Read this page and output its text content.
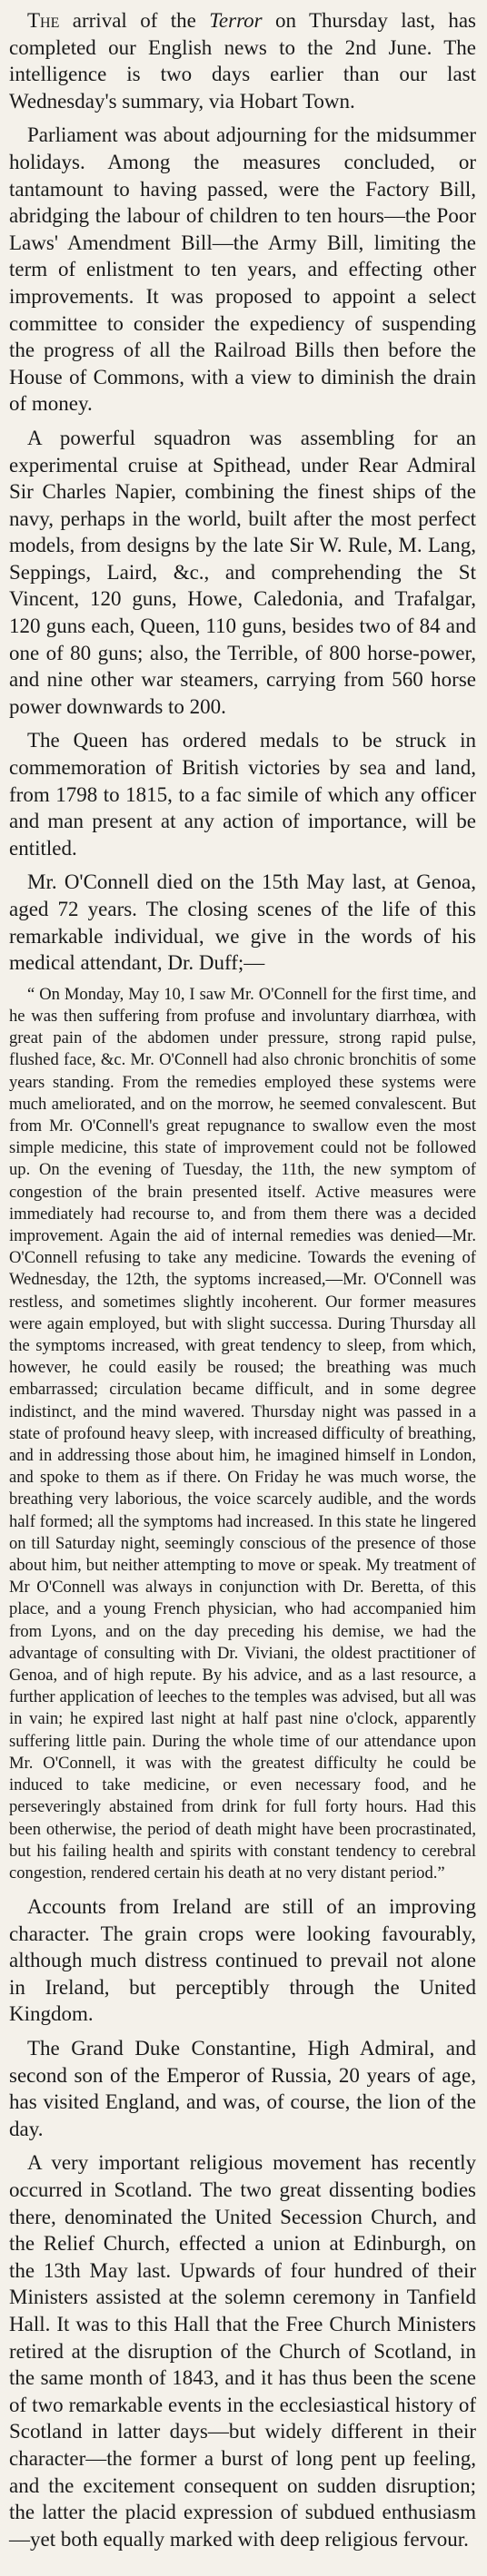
The arrival of the Terror on Thursday last, has completed our English news to the 2nd June. The intelligence is two days earlier than our last Wednesday's summary, via Hobart Town.

Parliament was about adjourning for the midsummer holidays. Among the measures concluded, or tantamount to having passed, were the Factory Bill, abridging the labour of children to ten hours—the Poor Laws' Amendment Bill—the Army Bill, limiting the term of enlistment to ten years, and effecting other improvements. It was proposed to appoint a select committee to consider the expediency of suspending the progress of all the Railroad Bills then before the House of Commons, with a view to diminish the drain of money.

A powerful squadron was assembling for an experimental cruise at Spithead, under Rear Admiral Sir Charles Napier, combining the finest ships of the navy, perhaps in the world, built after the most perfect models, from designs by the late Sir W. Rule, M. Lang, Seppings, Laird, &c., and comprehending the St Vincent, 120 guns, Howe, Caledonia, and Trafalgar, 120 guns each, Queen, 110 guns, besides two of 84 and one of 80 guns; also, the Terrible, of 800 horse-power, and nine other war steamers, carrying from 560 horse power downwards to 200.

The Queen has ordered medals to be struck in commemoration of British victories by sea and land, from 1798 to 1815, to a fac simile of which any officer and man present at any action of importance, will be entitled.

Mr. O'Connell died on the 15th May last, at Genoa, aged 72 years. The closing scenes of the life of this remarkable individual, we give in the words of his medical attendant, Dr. Duff;—

“ On Monday, May 10, I saw Mr. O'Connell for the first time, and he was then suffering from profuse and involuntary diarrhœa, with great pain of the abdomen under pressure, strong rapid pulse, flushed face, &c. Mr. O'Connell had also chronic bronchitis of some years standing. From the remedies employed these systems were much ameliorated, and on the morrow, he seemed convalescent. But from Mr. O'Connell's great repugnance to swallow even the most simple medicine, this state of improvement could not be followed up. On the evening of Tuesday, the 11th, the new symptom of congestion of the brain presented itself. Active measures were immediately had recourse to, and from them there was a decided improvement. Again the aid of internal remedies was denied—Mr. O'Connell refusing to take any medicine. Towards the evening of Wednesday, the 12th, the syptoms increased,—Mr. O'Connell was restless, and sometimes slightly incoherent. Our former measures were again employed, but with slight successa. During Thursday all the symptoms increased, with great tendency to sleep, from which, however, he could easily be roused; the breathing was much embarrassed; circulation became difficult, and in some degree indistinct, and the mind wavered. Thursday night was passed in a state of profound heavy sleep, with increased difficulty of breathing, and in addressing those about him, he imagined himself in London, and spoke to them as if there. On Friday he was much worse, the breathing very laborious, the voice scarcely audible, and the words half formed; all the symptoms had increased. In this state he lingered on till Saturday night, seemingly conscious of the presence of those about him, but neither attempting to move or speak. My treatment of Mr O'Connell was always in conjunction with Dr. Beretta, of this place, and a young French physician, who had accompanied him from Lyons, and on the day preceding his demise, we had the advantage of consulting with Dr. Viviani, the oldest practitioner of Genoa, and of high repute. By his advice, and as a last resource, a further application of leeches to the temples was advised, but all was in vain; he expired last night at half past nine o'clock, apparently suffering little pain. During the whole time of our attendance upon Mr. O'Connell, it was with the greatest difficulty he could be induced to take medicine, or even necessary food, and he perseveringly abstained from drink for full forty hours. Had this been otherwise, the period of death might have been procrastinated, but his failing health and spirits with constant tendency to cerebral congestion, rendered certain his death at no very distant period.”

Accounts from Ireland are still of an improving character. The grain crops were looking favourably, although much distress continued to prevail not alone in Ireland, but perceptibly through the United Kingdom.

The Grand Duke Constantine, High Admiral, and second son of the Emperor of Russia, 20 years of age, has visited England, and was, of course, the lion of the day.

A very important religious movement has recently occurred in Scotland. The two great dissenting bodies there, denominated the United Secession Church, and the Relief Church, effected a union at Edinburgh, on the 13th May last. Upwards of four hundred of their Ministers assisted at the solemn ceremony in Tanfield Hall. It was to this Hall that the Free Church Ministers retired at the disruption of the Church of Scotland, in the same month of 1843, and it has thus been the scene of two remarkable events in the ecclesiastical history of Scotland in latter days—but widely different in their character—the former a burst of long pent up feeling, and the excitement consequent on sudden disruption; the latter the placid expression of subdued enthusiasm—yet both equally marked with deep religious fervour.
